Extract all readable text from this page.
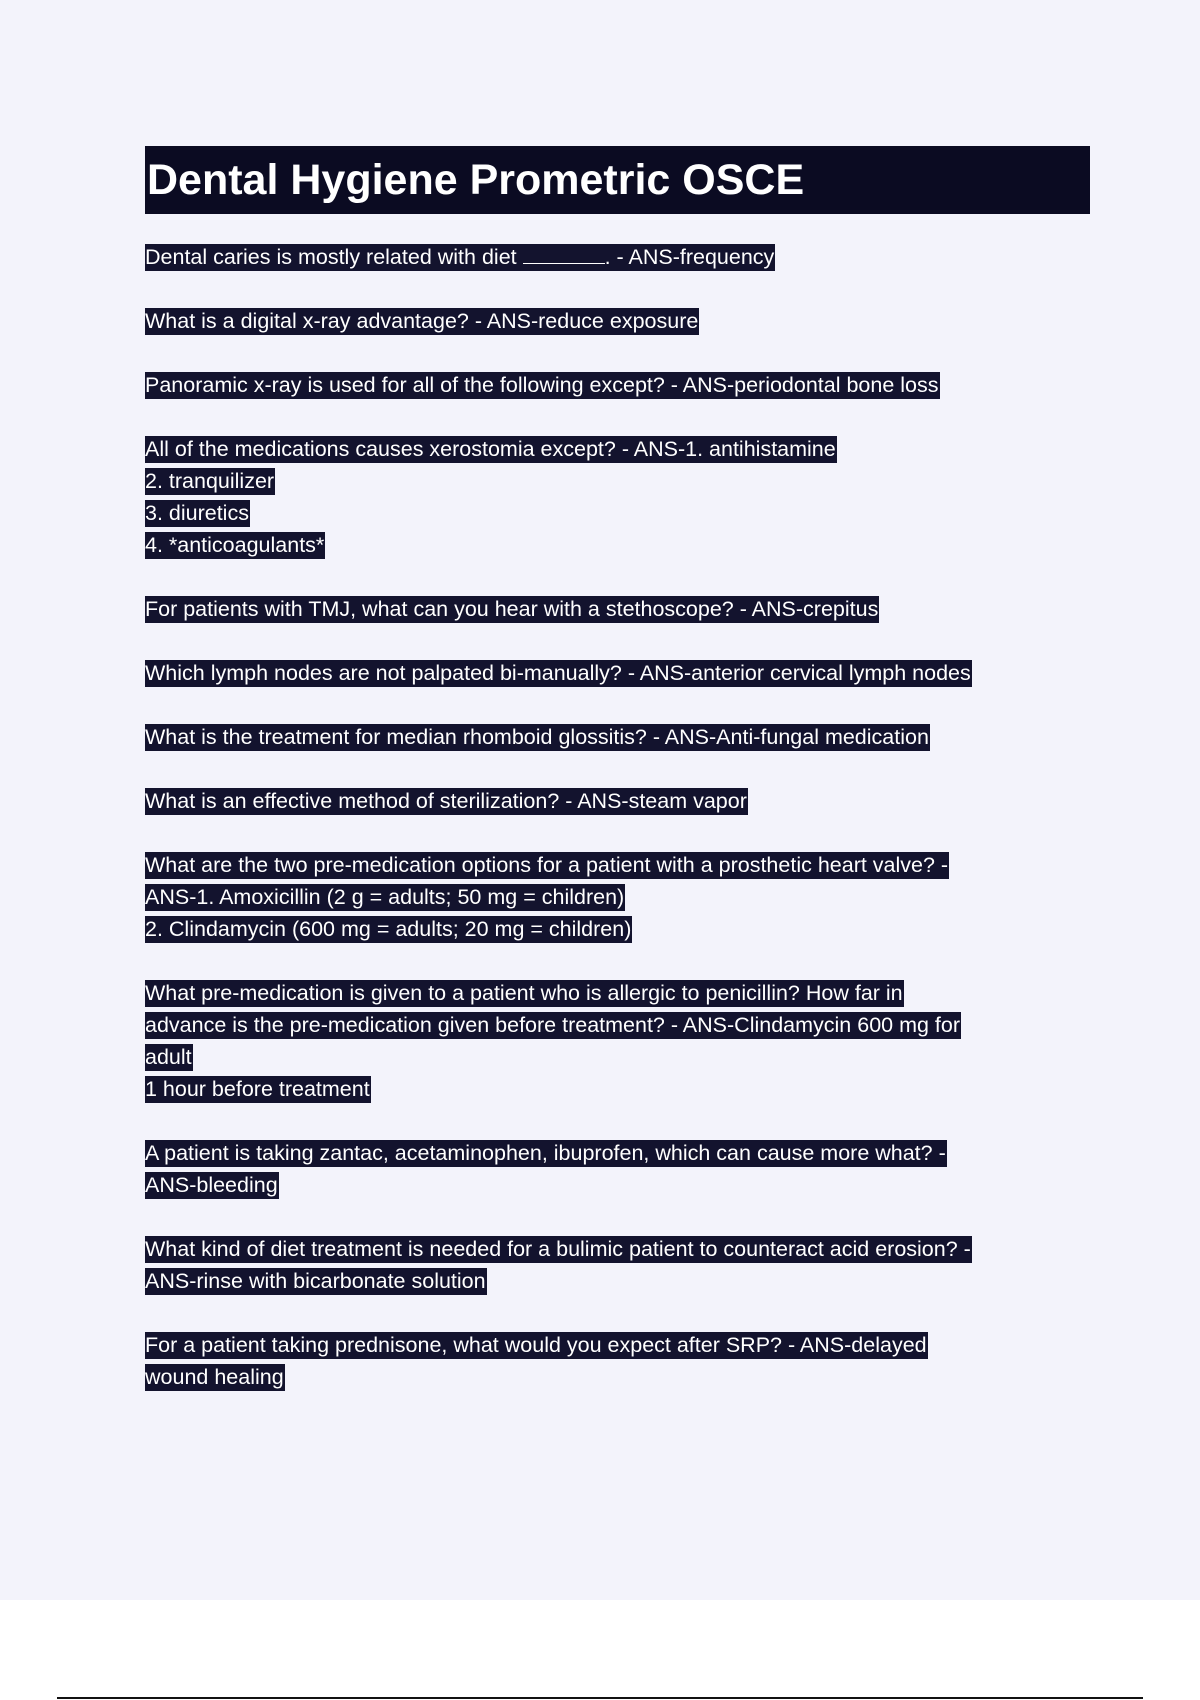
Dental Hygiene Prometric OSCE
Dental caries is mostly related with diet	. - ANS-frequency
What is a digital x-ray advantage? - ANS-reduce exposure
Panoramic x-ray is used for all of the following except? - ANS-periodontal bone loss
All of the medications causes xerostomia except? - ANS-1. antihistamine
2. tranquilizer
3. diuretics
4. *anticoagulants*
For patients with TMJ, what can you hear with a stethoscope? - ANS-crepitus
Which lymph nodes are not palpated bi-manually? - ANS-anterior cervical lymph nodes
What is the treatment for median rhomboid glossitis? - ANS-Anti-fungal medication
What is an effective method of sterilization? - ANS-steam vapor
What are the two pre-medication options for a patient with a prosthetic heart valve? -
ANS-1. Amoxicillin (2 g = adults; 50 mg = children)
2. Clindamycin (600 mg = adults; 20 mg = children)
What pre-medication is given to a patient who is allergic to penicillin? How far in
advance is the pre-medication given before treatment? - ANS-Clindamycin 600 mg for
adult
1 hour before treatment
A patient is taking zantac, acetaminophen, ibuprofen, which can cause more what? -
ANS-bleeding
What kind of diet treatment is needed for a bulimic patient to counteract acid erosion? -
ANS-rinse with bicarbonate solution
For a patient taking prednisone, what would you expect after SRP? - ANS-delayed
wound healing
